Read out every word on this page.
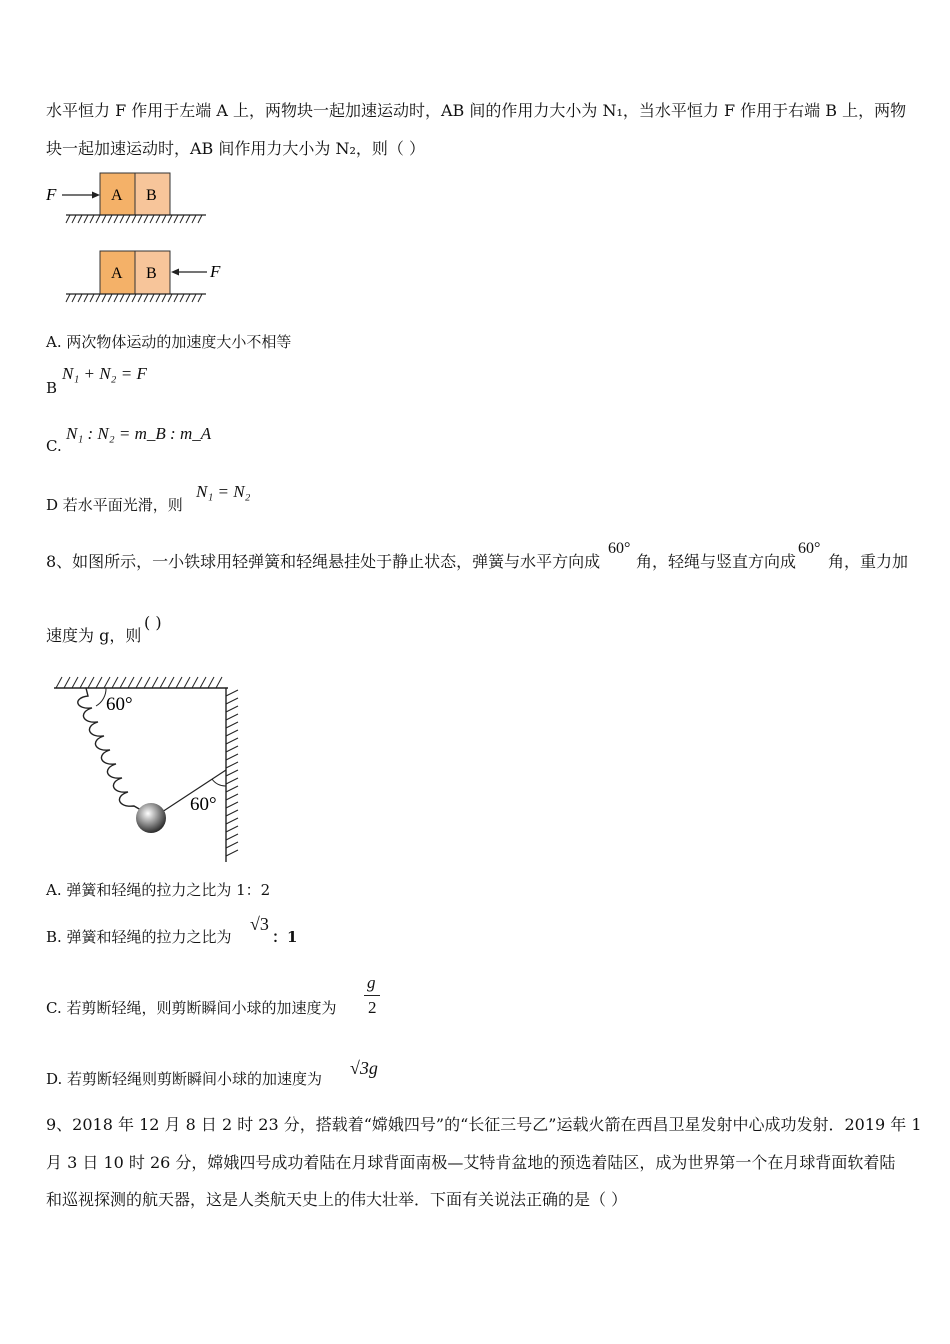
水平恒力 F 作用于左端 A 上，两物块一起加速运动时，AB 间的作用力大小为 N₁，当水平恒力 F 作用于右端 B 上，两物
块一起加速运动时，AB 间作用力大小为 N₂，则（ ）
F	A B
A B	F
A. 两次物体运动的加速度大小不相等
B
N₁ + N₂ = F
C.
N₁ : N₂ = m_B : m_A
D 若水平面光滑，则
N₁ = N₂
8、如图所示，一小铁球用轻弹簧和轻绳悬挂处于静止状态，弹簧与水平方向成
60°
角，轻绳与竖直方向成
60°
角，重力加
速度为 g，则
( )
60°
60°
A. 弹簧和轻绳的拉力之比为 1：2
B. 弹簧和轻绳的拉力之比为
√3
：1
C. 若剪断轻绳，则剪断瞬间小球的加速度为
g
2
D. 若剪断轻绳则剪断瞬间小球的加速度为
√3g
9、2018 年 12 月 8 日 2 时 23 分，搭载着“嫦娥四号”的“长征三号乙”运载火箭在西昌卫星发射中心成功发射．2019 年 1
月 3 日 10 时 26 分，嫦娥四号成功着陆在月球背面南极—艾特肯盆地的预选着陆区，成为世界第一个在月球背面软着陆
和巡视探测的航天器，这是人类航天史上的伟大壮举．下面有关说法正确的是（ ）
